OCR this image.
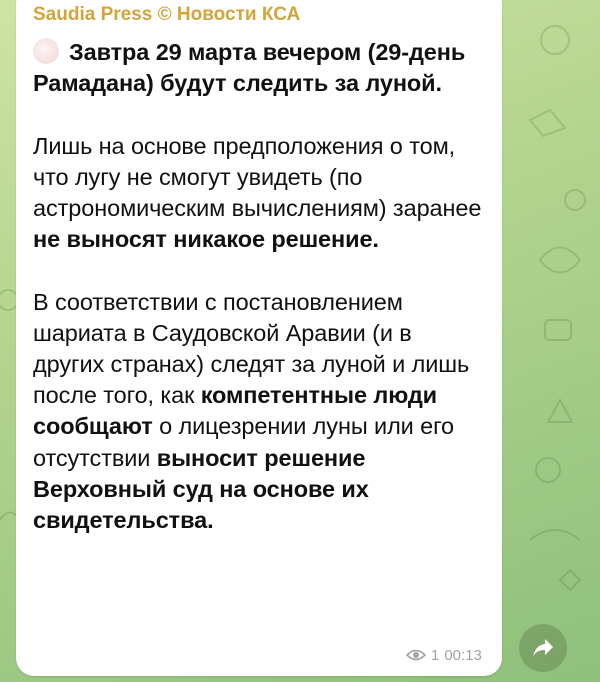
Saudia Press © Новости КСА

Завтра 29 марта вечером (29-день Рамадана) будут следить за луной.

Лишь на основе предположения о том, что лугу не смогут увидеть (по астрономическим вычислениям) заранее не выносят никакое решение.

В соответствии с постановлением шариата в Саудовской Аравии (и в других странах) следят за луной и лишь после того, как компетентные люди сообщают о лицезрении луны или его отсутствии выносит решение Верховный суд на основе их свидетельства.

1 00:13
